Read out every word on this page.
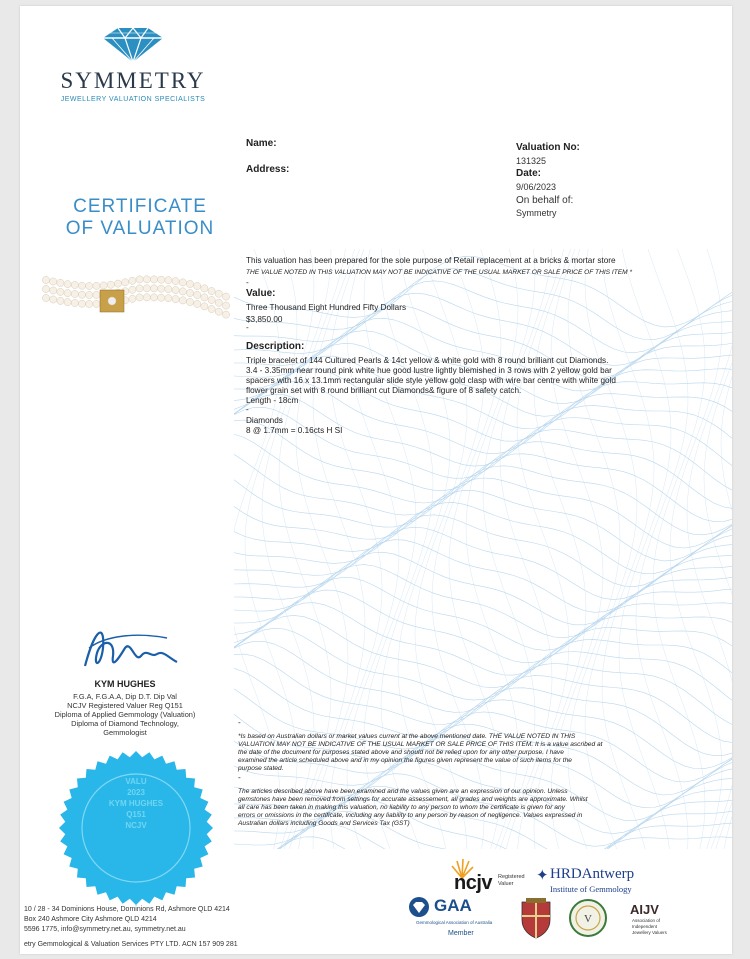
SYMMETRY
JEWELLERY VALUATION SPECIALISTS
CERTIFICATE
OF VALUATION
Name:
Address:
Valuation No:
131325
Date:
9/06/2023
On behalf of:
Symmetry
This valuation has been prepared for the sole purpose of Retail replacement at a bricks & mortar store
THE VALUE NOTED IN THIS VALUATION MAY NOT BE INDICATIVE OF THE USUAL MARKET OR SALE PRICE OF THIS ITEM *
-
Value:
Three Thousand Eight Hundred Fifty Dollars
$3,850.00
-
Description:
Triple bracelet of 144 Cultured Pearls & 14ct yellow & white gold with 8 round brilliant cut Diamonds.
3.4 - 3.35mm near round pink white hue good lustre lightly blemished in 3 rows with 2 yellow gold bar
spacers with 16 x 13.1mm rectangular slide style yellow gold clasp with wire bar centre with white gold
flower grain set with 8 round brilliant cut Diamonds& figure of 8 safety catch.
Length - 18cm
-
Diamonds
8 @ 1.7mm = 0.16cts H SI
-
*Is based on Australian dollars or market values current at the above mentioned date. THE VALUE NOTED IN THIS
VALUATION MAY NOT BE INDICATIVE OF THE USUAL MARKET OR SALE PRICE OF THIS ITEM. It is a value ascribed at
the date of the document for purposes stated above and should not be relied upon for any other purpose. I have
examined the article scheduled above and in my opinion the figures given represent the value of such items for the
purpose stated.
-
The articles described above have been examined and the values given are an expression of our opinion. Unless
gemstones have been removed from settings for accurate assessement, all grades and weights are approximate. Whilst
all care has been taken in making this valuation, no liability to any person to whom the certificate is given for any
errors or omissions in the certificate, including any liability to any person by reason of negligence. Values expressed in
Australian dollars including Goods and Services Tax (GST)
KYM HUGHES
F.G.A, F.G.A.A, Dip D.T. Dip Val
NCJV Registered Valuer Reg Q151
Diploma of Applied Gemmology (Valuation)
Diploma of Diamond Technology,
Gemmologist
VALU
2023
KYM HUGHES
Q151
NCJV
10 / 28 - 34 Dominions House, Dominions Rd, Ashmore QLD 4214
Box 240 Ashmore City Ashmore QLD 4214
5596 1775, info@symmetry.net.au, symmetry.net.au
etry Gemmological & Valuation Services PTY LTD. ACN 157 909 281
ncjv Registered
Valuer ✦ HRDAntwerp
Institute of Gemmology
GAA
Gemmological Association of Australia
Member
V
AIJV
Association of
Independent
Jewellery Valuers
